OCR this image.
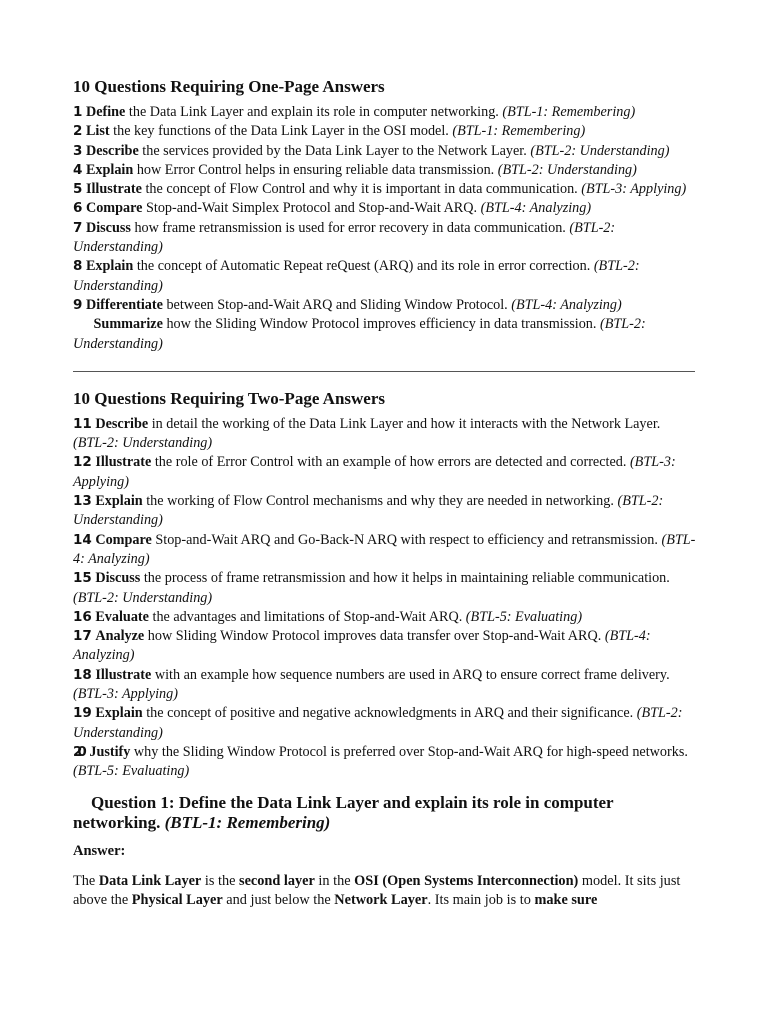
10 Questions Requiring One-Page Answers
1 Define the Data Link Layer and explain its role in computer networking. (BTL-1: Remembering)
2 List the key functions of the Data Link Layer in the OSI model. (BTL-1: Remembering)
3 Describe the services provided by the Data Link Layer to the Network Layer. (BTL-2: Understanding)
4 Explain how Error Control helps in ensuring reliable data transmission. (BTL-2: Understanding)
5 Illustrate the concept of Flow Control and why it is important in data communication. (BTL-3: Applying)
6 Compare Stop-and-Wait Simplex Protocol and Stop-and-Wait ARQ. (BTL-4: Analyzing)
7 Discuss how frame retransmission is used for error recovery in data communication. (BTL-2: Understanding)
8 Explain the concept of Automatic Repeat reQuest (ARQ) and its role in error correction. (BTL-2: Understanding)
9 Differentiate between Stop-and-Wait ARQ and Sliding Window Protocol. (BTL-4: Analyzing)
Summarize how the Sliding Window Protocol improves efficiency in data transmission. (BTL-2: Understanding)
10 Questions Requiring Two-Page Answers
11 Describe in detail the working of the Data Link Layer and how it interacts with the Network Layer. (BTL-2: Understanding)
12 Illustrate the role of Error Control with an example of how errors are detected and corrected. (BTL-3: Applying)
13 Explain the working of Flow Control mechanisms and why they are needed in networking. (BTL-2: Understanding)
14 Compare Stop-and-Wait ARQ and Go-Back-N ARQ with respect to efficiency and retransmission. (BTL-4: Analyzing)
15 Discuss the process of frame retransmission and how it helps in maintaining reliable communication. (BTL-2: Understanding)
16 Evaluate the advantages and limitations of Stop-and-Wait ARQ. (BTL-5: Evaluating)
17 Analyze how Sliding Window Protocol improves data transfer over Stop-and-Wait ARQ. (BTL-4: Analyzing)
18 Illustrate with an example how sequence numbers are used in ARQ to ensure correct frame delivery. (BTL-3: Applying)
19 Explain the concept of positive and negative acknowledgments in ARQ and their significance. (BTL-2: Understanding)
20 Justify why the Sliding Window Protocol is preferred over Stop-and-Wait ARQ for high-speed networks. (BTL-5: Evaluating)
Question 1: Define the Data Link Layer and explain its role in computer networking. (BTL-1: Remembering)
Answer:

The Data Link Layer is the second layer in the OSI (Open Systems Interconnection) model. It sits just above the Physical Layer and just below the Network Layer. Its main job is to make sure
